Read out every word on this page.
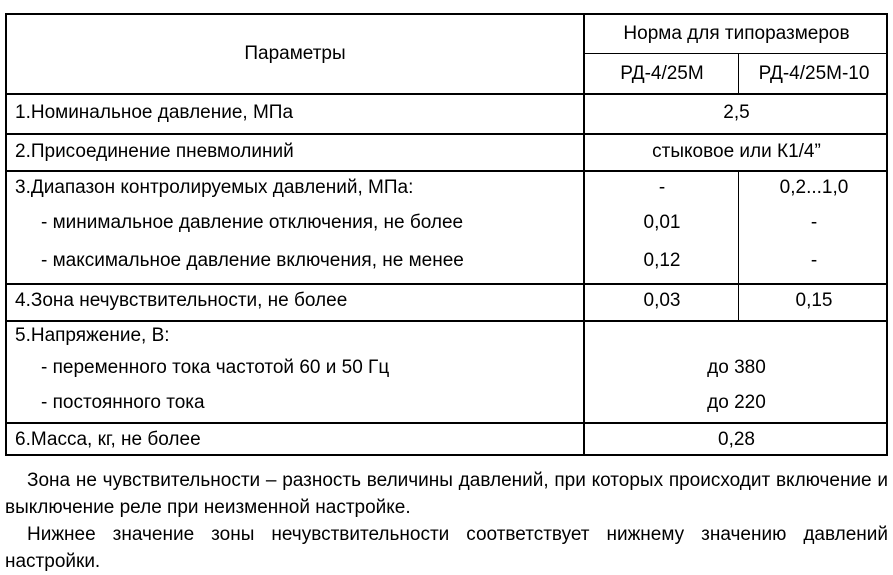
Параметры
Норма для типоразмеров
РД-4/25М	РД-4/25М-10
1.Номинальное давление, МПа	2,5
2.Присоединение пневмолиний	стыковое или К1/4”
3.Диапазон контролируемых давлений, МПа:	-	0,2...1,0
- минимальное давление отключения, не более	0,01	-
- максимальное давление включения, не менее	0,12	-
4.Зона нечувствительности, не более	0,03	0,15
5.Напряжение, В:
- переменного тока частотой 60 и 50 Гц	до 380
- постоянного тока	до 220
6.Масса, кг, не более	0,28

Зона не чувствительности – разность величины давлений, при которых происходит включение и выключение реле при неизменной настройке.

Нижнее значение зоны нечувствительности соответствует нижнему значению давлений настройки.
